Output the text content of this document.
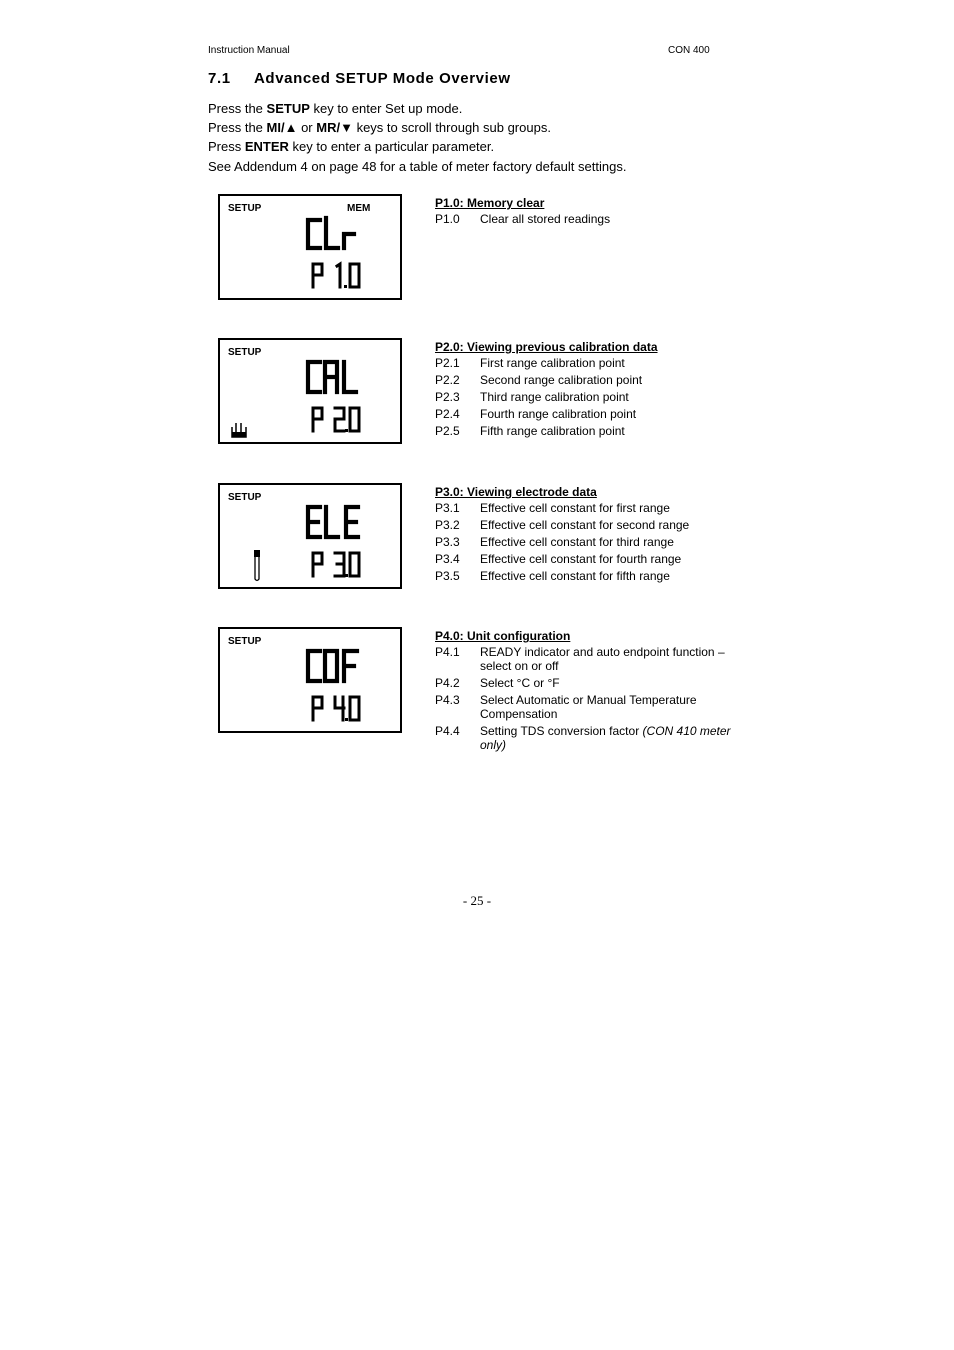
Instruction Manual	CON 400
7.1 Advanced SETUP Mode Overview
Press the SETUP key to enter Set up mode.
Press the MI/▲ or MR/▼ keys to scroll through sub groups.
Press ENTER key to enter a particular parameter.
See Addendum 4 on page 48 for a table of meter factory default settings.
SETUP	MEM
SETUP
SETUP
SETUP
P1.0: Memory clear
P1.0	Clear all stored readings
P2.0: Viewing previous calibration data
P2.1	First range calibration point
P2.2	Second range calibration point
P2.3	Third range calibration point
P2.4	Fourth range calibration point
P2.5	Fifth range calibration point
P3.0: Viewing electrode data
P3.1	Effective cell constant for first range
P3.2	Effective cell constant for second range
P3.3	Effective cell constant for third range
P3.4	Effective cell constant for fourth range
P3.5	Effective cell constant for fifth range
P4.0: Unit configuration
P4.1	READY indicator and auto endpoint function – select on or off
P4.2	Select °C or °F
P4.3	Select Automatic or Manual Temperature Compensation
P4.4	Setting TDS conversion factor (CON 410 meter only)
- 25 -
